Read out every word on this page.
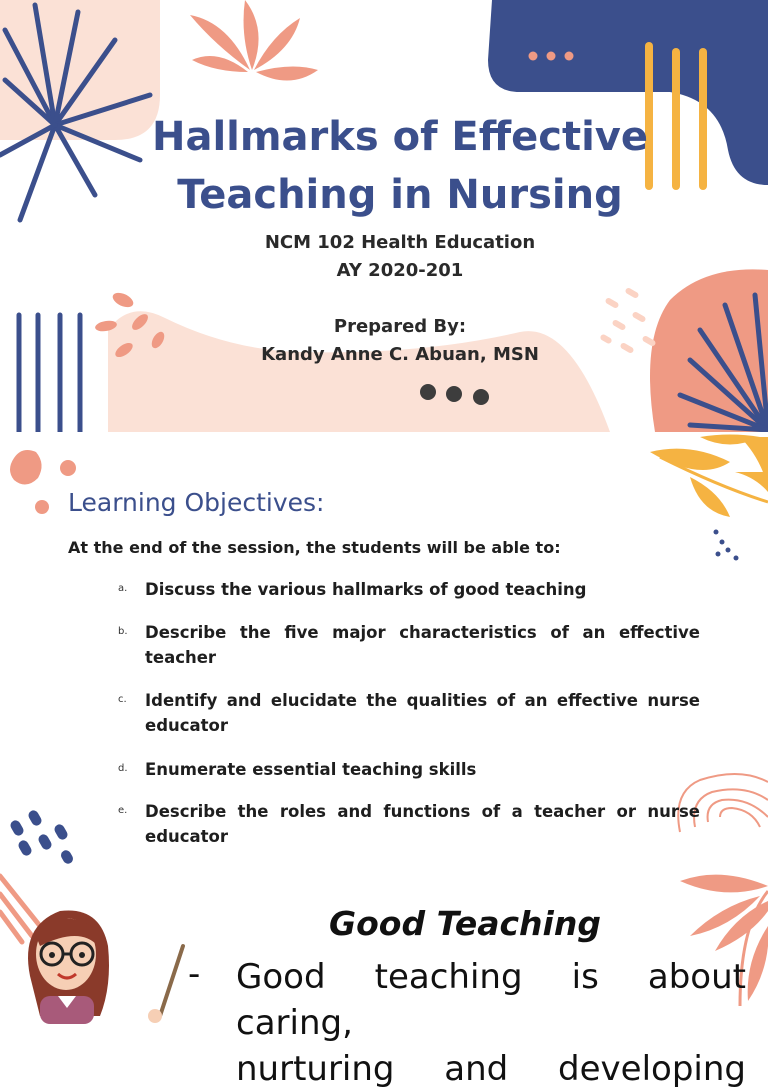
Hallmarks of Effective
Teaching in Nursing
NCM 102 Health Education
AY 2020-201
Prepared By:
Kandy Anne C. Abuan, MSN
Learning Objectives:
At the end of the session, the students will be able to:
a. Discuss the various hallmarks of good teaching
b. Describe the five major characteristics of an effective teacher
c. Identify and elucidate the qualities of an effective nurse educator
d. Enumerate essential teaching skills
e. Describe the roles and functions of a teacher or nurse educator
Good Teaching
- Good teaching is about caring,
nurturing and developing
